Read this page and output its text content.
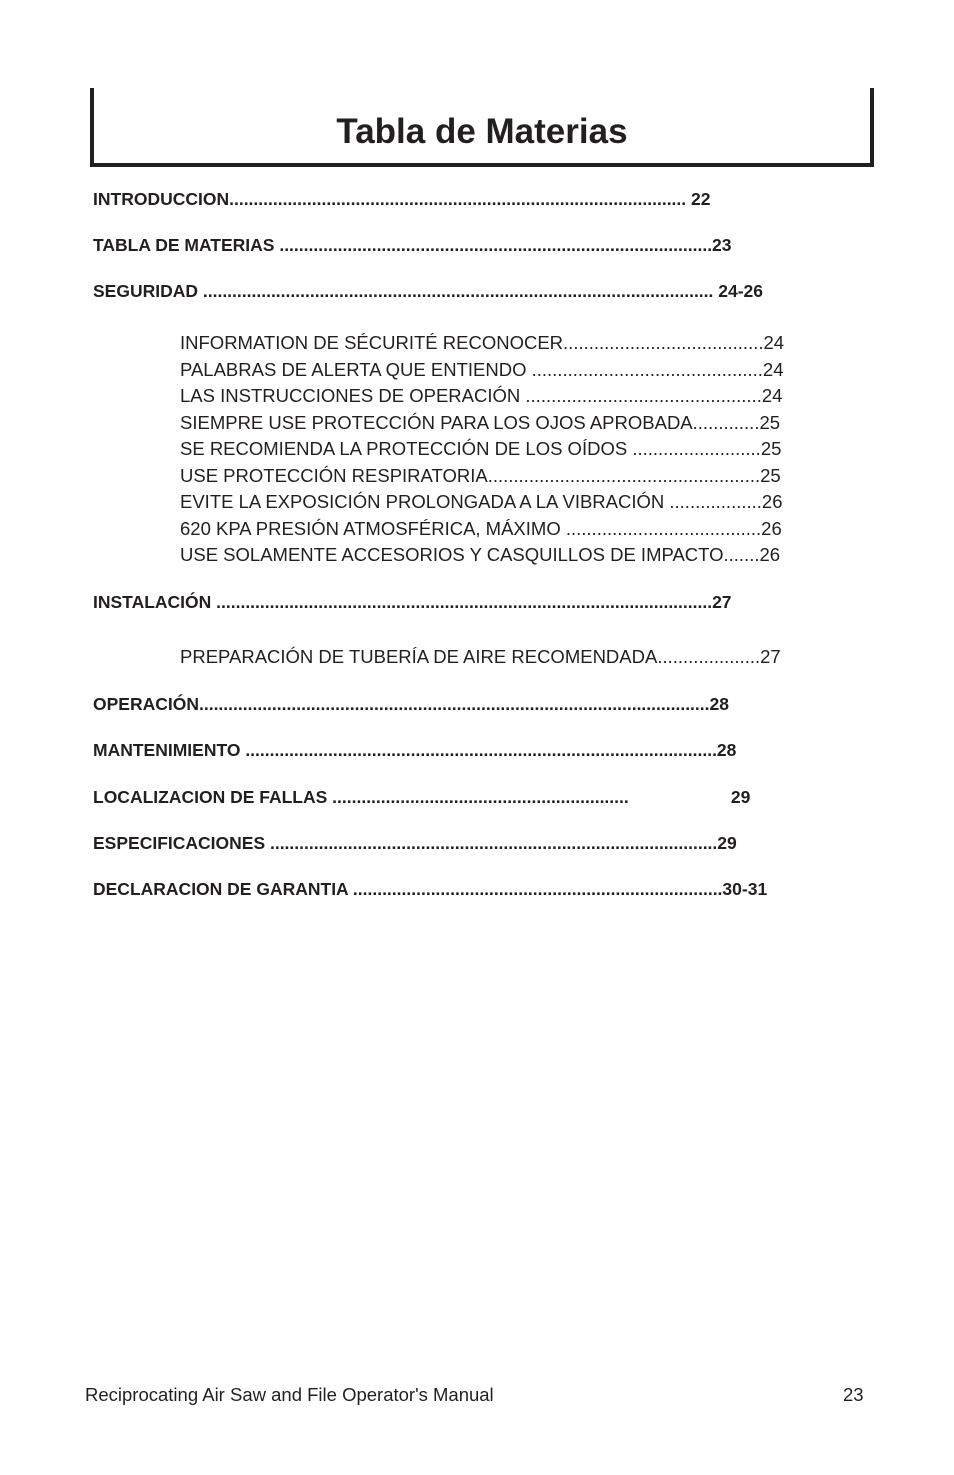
Tabla de Materias
INTRODUCCION.............................................................................................. 22
TABLA DE MATERIAS .........................................................................................23
SEGURIDAD ......................................................................................................... 24-26
INFORMATION DE SÉCURITÉ RECONOCER.......................................24
PALABRAS DE ALERTA QUE ENTIENDO .............................................24
LAS INSTRUCCIONES DE OPERACIÓN ..............................................24
SIEMPRE USE PROTECCIÓN PARA LOS OJOS APROBADA.............25
SE RECOMIENDA LA PROTECCIÓN DE LOS OÍDOS .........................25
USE PROTECCIÓN RESPIRATORIA.....................................................25
EVITE LA EXPOSICIÓN PROLONGADA A LA VIBRACIÓN ..................26
620 KPA PRESIÓN ATMOSFÉRICA, MÁXIMO ......................................26
USE SOLAMENTE ACCESORIOS Y CASQUILLOS DE IMPACTO.......26
INSTALACIÓN ......................................................................................................27
PREPARACIÓN DE TUBERÍA DE AIRE RECOMENDADA....................27
OPERACIÓN.........................................................................................................28
MANTENIMIENTO .................................................................................................28
LOCALIZACION DE FALLAS .............................................................                     29
ESPECIFICACIONES ............................................................................................29
DECLARACION DE GARANTIA ............................................................................30-31
Reciprocating Air Saw and File Operator's Manual	23
